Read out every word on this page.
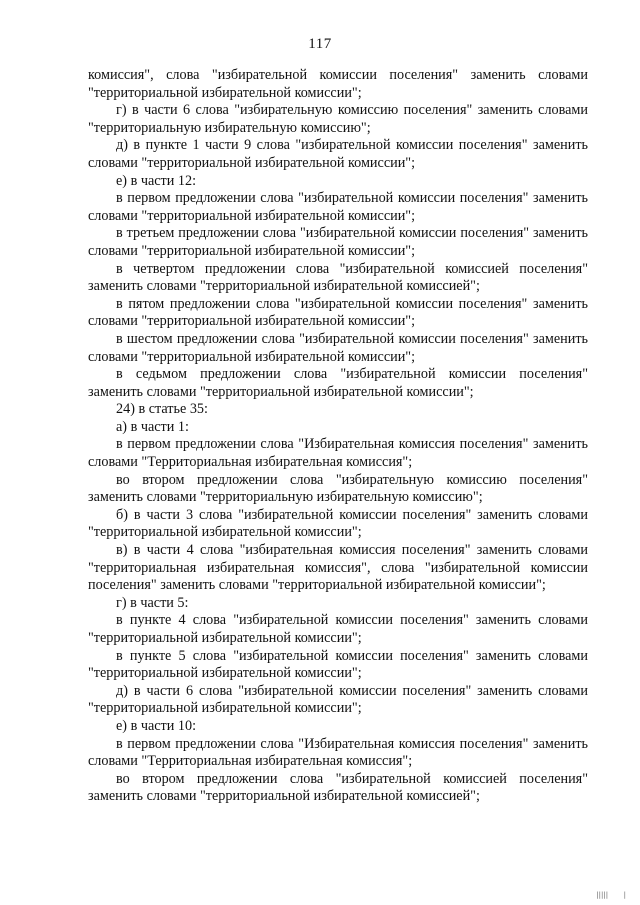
117

комиссия", слова "избирательной комиссии поселения" заменить словами "территориальной избирательной комиссии";

г) в части 6 слова "избирательную комиссию поселения" заменить словами "территориальную избирательную комиссию";

д) в пункте 1 части 9 слова "избирательной комиссии поселения" заменить словами "территориальной избирательной комиссии";

е) в части 12:

в первом предложении слова "избирательной комиссии поселения" заменить словами "территориальной избирательной комиссии";

в третьем предложении слова "избирательной комиссии поселения" заменить словами "территориальной избирательной комиссии";

в четвертом предложении слова "избирательной комиссией поселения" заменить словами "территориальной избирательной комиссией";

в пятом предложении слова "избирательной комиссии поселения" заменить словами "территориальной избирательной комиссии";

в шестом предложении слова "избирательной комиссии поселения" заменить словами "территориальной избирательной комиссии";

в седьмом предложении слова "избирательной комиссии поселения" заменить словами "территориальной избирательной комиссии";

24) в статье 35:

а) в части 1:

в первом предложении слова "Избирательная комиссия поселения" заменить словами "Территориальная избирательная комиссия";

во втором предложении слова "избирательную комиссию поселения" заменить словами "территориальную избирательную комиссию";

б) в части 3 слова "избирательной комиссии поселения" заменить словами "территориальной избирательной комиссии";

в) в части 4 слова "избирательная комиссия поселения" заменить словами "территориальная избирательная комиссия", слова "избирательной комиссии поселения" заменить словами "территориальной избирательной комиссии";

г) в части 5:

в пункте 4 слова "избирательной комиссии поселения" заменить словами "территориальной избирательной комиссии";

в пункте 5 слова "избирательной комиссии поселения" заменить словами "территориальной избирательной комиссии";

д) в части 6 слова "избирательной комиссии поселения" заменить словами "территориальной избирательной комиссии";

е) в части 10:

в первом предложении слова "Избирательная комиссия поселения" заменить словами "Территориальная избирательная комиссия";

во втором предложении слова "избирательной комиссией поселения" заменить словами "территориальной избирательной комиссией";

||||| |
